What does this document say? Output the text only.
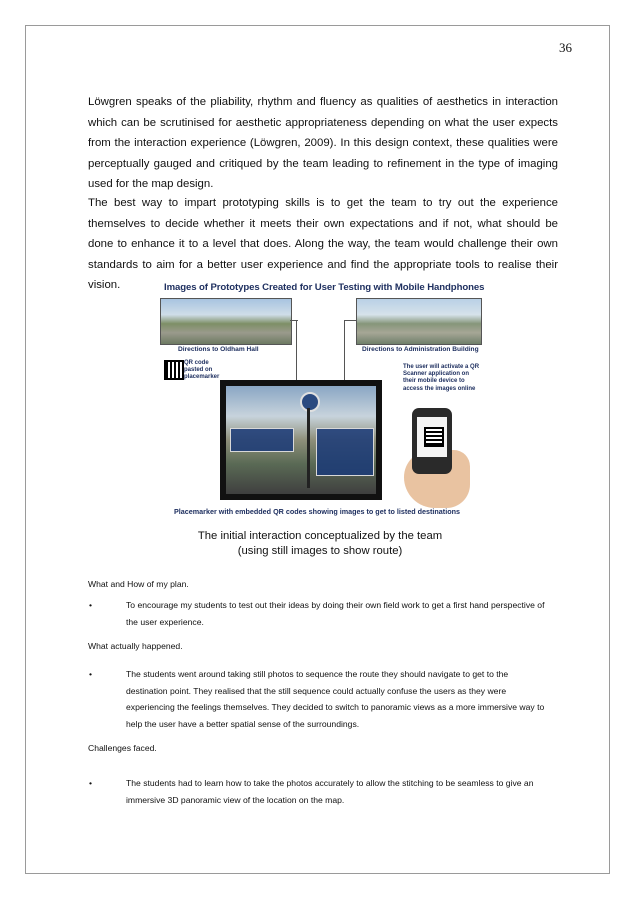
36

Löwgren speaks of the pliability, rhythm and fluency as qualities of aesthetics in interaction which can be scrutinised for aesthetic appropriateness depending on what the user expects from the interaction experience (Löwgren, 2009). In this design context, these qualities were perceptually gauged and critiqued by the team leading to refinement in the type of imaging used for the map design.

The best way to impart prototyping skills is to get the team to try out the experience themselves to decide whether it meets their own expectations and if not, what should be done to enhance it to a level that does. Along the way, the team would challenge their own standards to aim for a better user experience and find the appropriate tools to realise their vision.	Images of Prototypes Created for User Testing with Mobile Handphones
Directions to Oldham Hall	Directions to Administration Building
QR code
pasted on
placemarker
The user will activate a QR Scanner application on their mobile device to access the images online
Placemarker with embedded QR codes showing images to get to listed destinations
The initial interaction conceptualized by the team
(using still images to show route)
What and How of my plan.
•	To encourage my students to test out their ideas by doing their own field work to get a first hand perspective of the user experience.
What actually happened.
•	The students went around taking still photos to sequence the route they should navigate to get to the destination point. They realised that the still sequence could actually confuse the users as they were experiencing the feelings themselves. They decided to switch to panoramic views as a more immersive way to help the user have a better spatial sense of the surroundings.
Challenges faced.
•	The students had to learn how to take the photos accurately to allow the stitching to be seamless to give an immersive 3D panoramic view of the location on the map.
